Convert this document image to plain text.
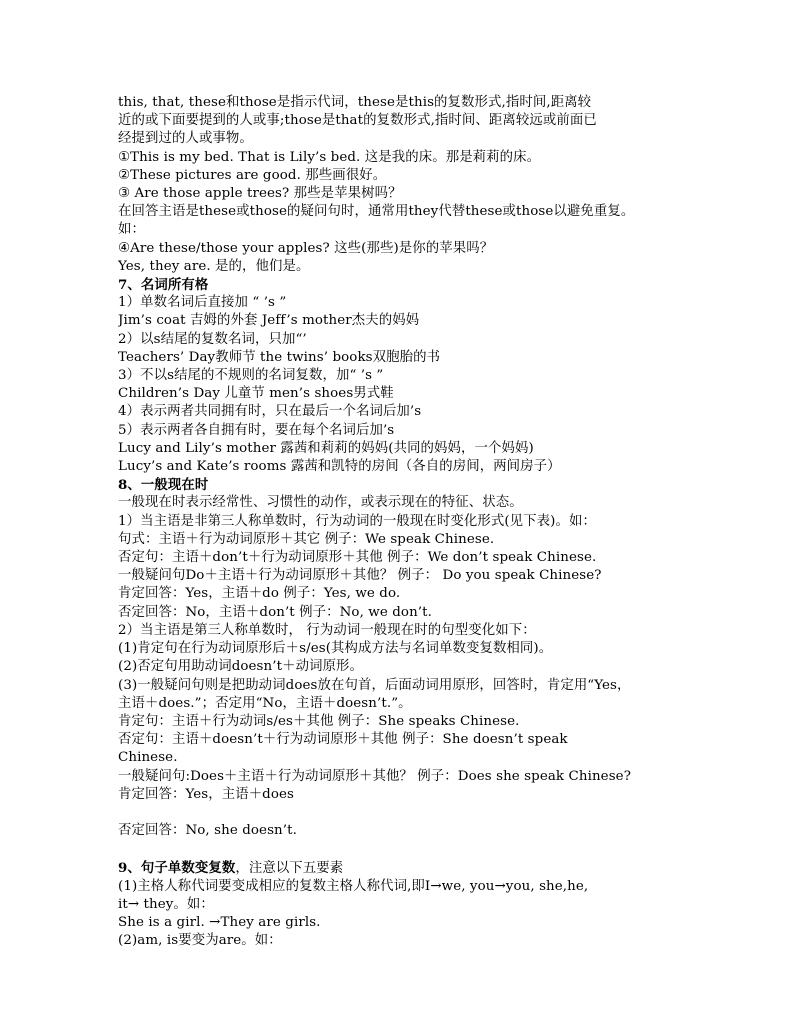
this, that, these和those是指示代词，these是this的复数形式,指时间,距离较
近的或下面要提到的人或事;those是that的复数形式,指时间、距离较远或前面已
经提到过的人或事物。
①This is my bed. That is Lily’s bed. 这是我的床。那是莉莉的床。
②These pictures are good. 那些画很好。
③ Are those apple trees? 那些是苹果树吗？
在回答主语是these或those的疑问句时，通常用they代替these或those以避免重复。
如：
④Are these/those your apples? 这些(那些)是你的苹果吗？
Yes, they are. 是的，他们是。
7、名词所有格
1）单数名词后直接加 “ ’s ”
Jim’s coat 吉姆的外套 Jeff’s mother杰夫的妈妈
2）以s结尾的复数名词，只加“’
Teachers’ Day教师节 the twins’ books双胞胎的书
3）不以s结尾的不规则的名词复数，加“ ’s ”
Children’s Day 儿童节 men’s shoes男式鞋
4）表示两者共同拥有时，只在最后一个名词后加’s
5）表示两者各自拥有时，要在每个名词后加’s
Lucy and Lily’s mother 露茜和莉莉的妈妈(共同的妈妈，一个妈妈)
Lucy’s and Kate’s rooms 露茜和凯特的房间（各自的房间，两间房子）
8、一般现在时
一般现在时表示经常性、习惯性的动作，或表示现在的特征、状态。
1）当主语是非第三人称单数时，行为动词的一般现在时变化形式(见下表)。如：
句式：主语＋行为动词原形＋其它 例子：We speak Chinese.
否定句：主语＋don’t＋行为动词原形＋其他 例子：We don’t speak Chinese.
一般疑问句Do＋主语＋行为动词原形＋其他？ 例子： Do you speak Chinese?
肯定回答：Yes，主语＋do 例子：Yes, we do.
否定回答：No，主语＋don’t 例子：No, we don’t.
2）当主语是第三人称单数时， 行为动词一般现在时的句型变化如下：
(1)肯定句在行为动词原形后＋s/es(其构成方法与名词单数变复数相同)。
(2)否定句用助动词doesn’t＋动词原形。
(3)一般疑问句则是把助动词does放在句首，后面动词用原形，回答时，肯定用“Yes，
主语＋does.”；否定用“No，主语＋doesn’t.”。
肯定句：主语＋行为动词s/es＋其他 例子：She speaks Chinese.
否定句：主语＋doesn’t＋行为动词原形＋其他 例子：She doesn’t speak
Chinese.
一般疑问句:Does＋主语＋行为动词原形＋其他？ 例子：Does she speak Chinese?
肯定回答：Yes，主语＋does
否定回答：No, she doesn’t.
9、句子单数变复数，注意以下五要素
(1)主格人称代词要变成相应的复数主格人称代词,即I→we, you→you, she,he,
it→ they。如：
She is a girl. →They are girls.
(2)am, is要变为are。如：
